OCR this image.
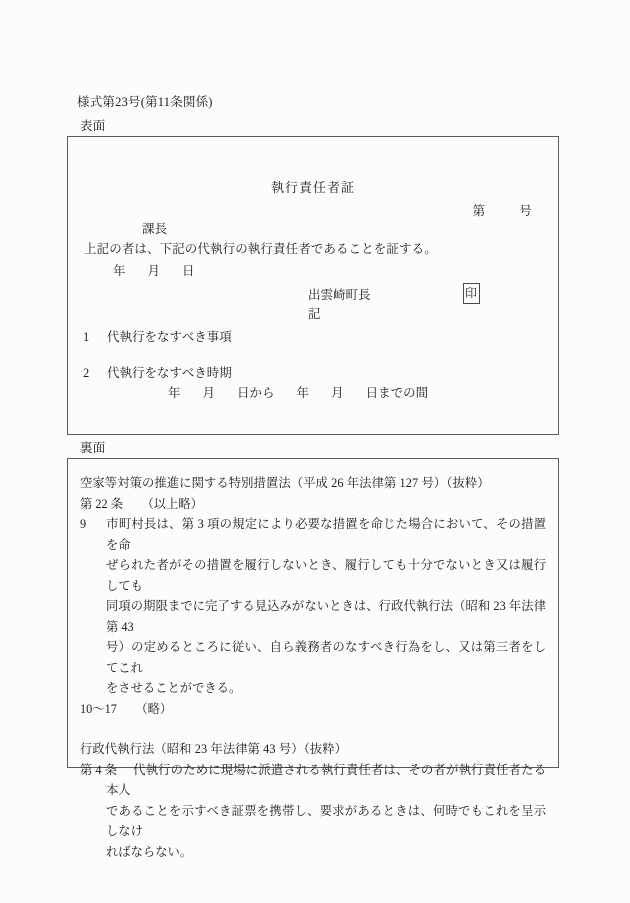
様式第23号(第11条関係)
表面
執行責任者証
第	号
課長
上記の者は、下記の代執行の執行責任者であることを証する。
年 月 日
出雲崎町長	印
記
1 代執行をなすべき事項
2 代執行をなすべき時期
年 月 日から 年 月 日までの間
裏面

空家等対策の推進に関する特別措置法（平成 26 年法律第 127 号）（抜粋）

第 22 条　　（以上略）

9 市町村長は、第 3 項の規定により必要な措置を命じた場合において、その措置を命

ぜられた者がその措置を履行しないとき、履行しても十分でないとき又は履行しても

同項の期限までに完了する見込みがないときは、行政代執行法（昭和 23 年法律第 43

号）の定めるところに従い、自ら義務者のなすべき行為をし、又は第三者をしてこれ

をさせることができる。

10〜17　　（略）

行政代執行法（昭和 23 年法律第 43 号）（抜粋）

第 4 条 代執行のために現場に派遣される執行責任者は、その者が執行責任者たる本人

であることを示すべき証票を携帯し、要求があるときは、何時でもこれを呈示しなけ

ればならない。
